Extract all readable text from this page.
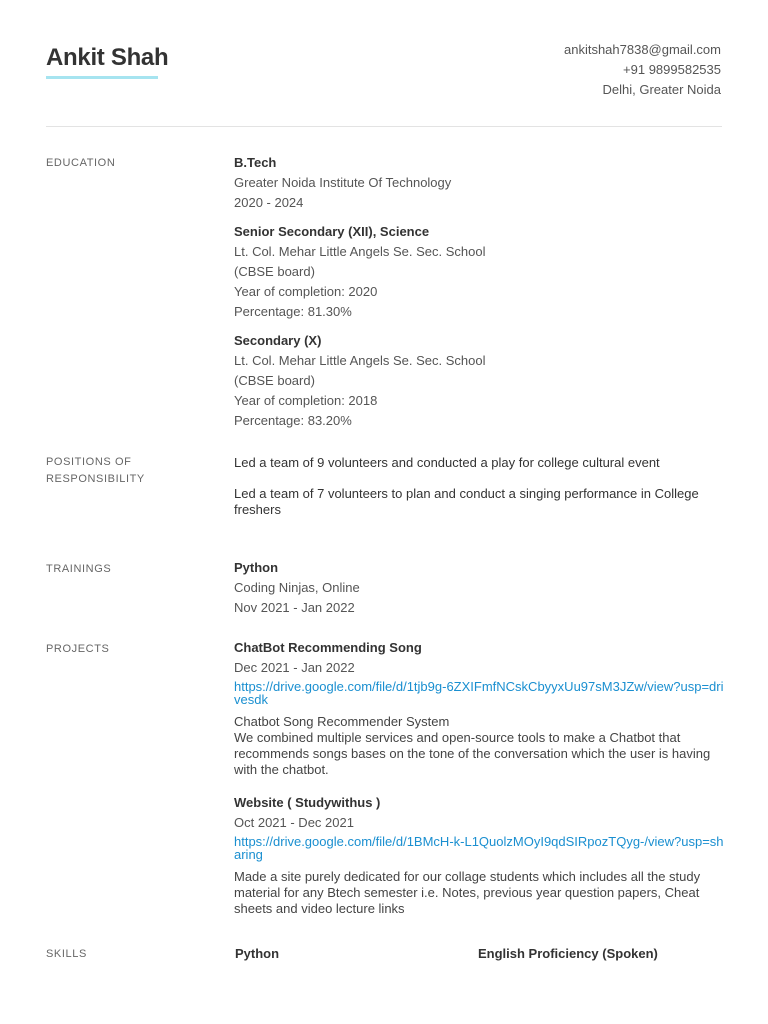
Ankit Shah	ankitshah7838@gmail.com
+91 9899582535
Delhi, Greater Noida
EDUCATION	B.Tech
Greater Noida Institute Of Technology
2020 - 2024
Senior Secondary (XII), Science
Lt. Col. Mehar Little Angels Se. Sec. School
(CBSE board)
Year of completion: 2020
Percentage: 81.30%
Secondary (X)
Lt. Col. Mehar Little Angels Se. Sec. School
(CBSE board)
Year of completion: 2018
Percentage: 83.20%
POSITIONS OF
RESPONSIBILITY
Led a team of 9 volunteers and conducted a play for college cultural event
Led a team of 7 volunteers to plan and conduct a singing performance in College freshers
TRAININGS	Python
Coding Ninjas, Online
Nov 2021 - Jan 2022
PROJECTS	ChatBot Recommending Song
Dec 2021 - Jan 2022
https://drive.google.com/file/d/1tjb9g-6ZXIFmfNCskCbyyxUu97sM3JZw/view?usp=drivesdk
Chatbot Song Recommender System
We combined multiple services and open-source tools to make a Chatbot that recommends songs bases on the tone of the conversation which the user is having with the chatbot.
Website ( Studywithus )
Oct 2021 - Dec 2021
https://drive.google.com/file/d/1BMcH-k-L1QuolzMOyI9qdSIRpozTQyg-/view?usp=sharing
Made a site purely dedicated for our collage students which includes all the study material for any Btech semester i.e. Notes, previous year question papers, Cheat sheets and video lecture links
SKILLS	Python	English Proficiency (Spoken)
